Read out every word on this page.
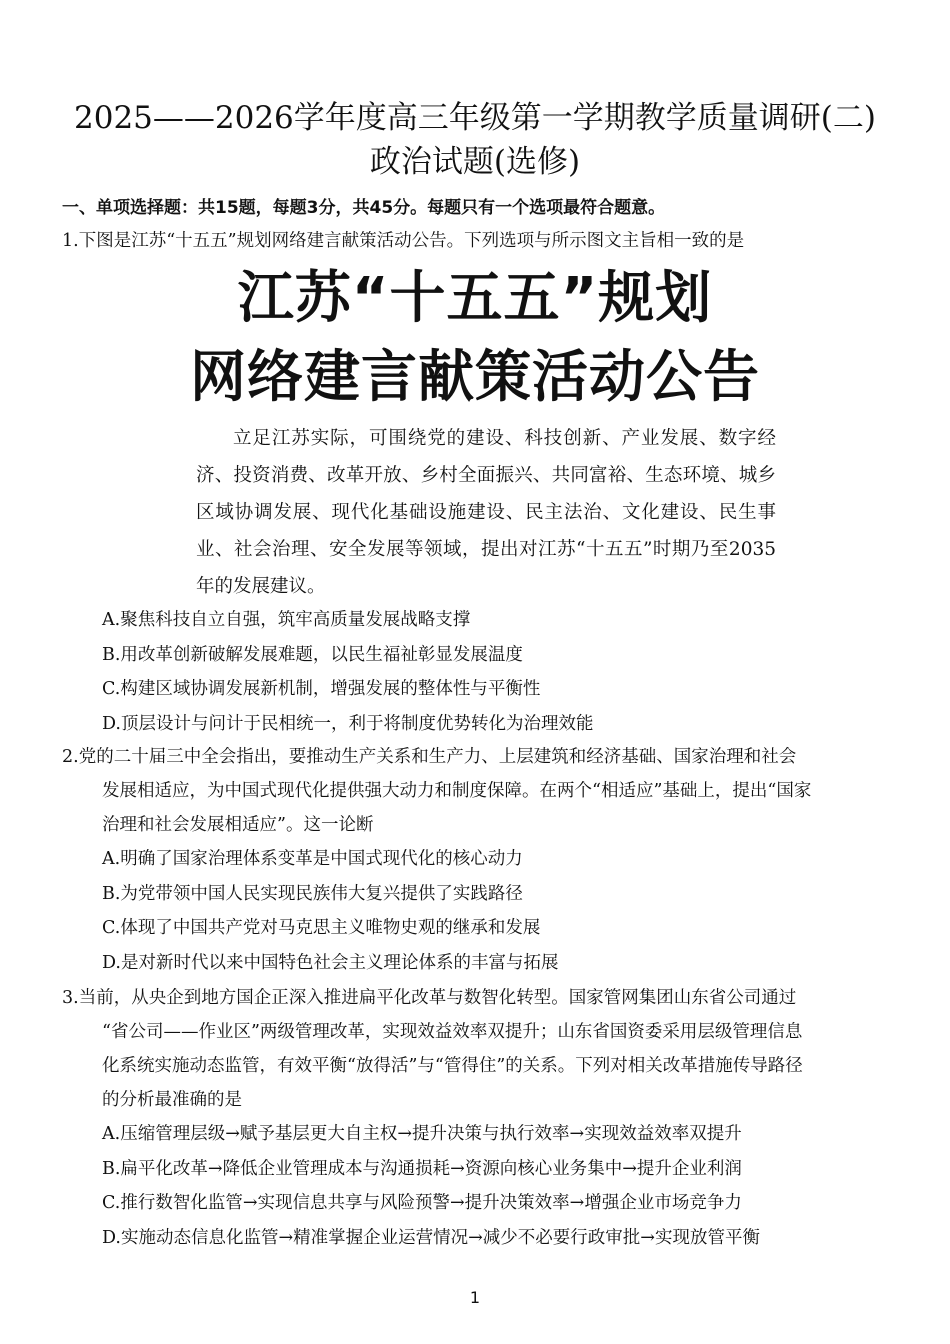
2025——2026学年度高三年级第一学期教学质量调研(二)
政治试题(选修)
一、单项选择题：共15题，每题3分，共45分。每题只有一个选项最符合题意。
1.下图是江苏“十五五”规划网络建言献策活动公告。下列选项与所示图文主旨相一致的是
江苏“十五五”规划
网络建言献策活动公告
立足江苏实际，可围绕党的建设、科技创新、产业发展、数字经济、投资消费、改革开放、乡村全面振兴、共同富裕、生态环境、城乡区域协调发展、现代化基础设施建设、民主法治、文化建设、民生事业、社会治理、安全发展等领域，提出对江苏“十五五”时期乃至2035年的发展建议。
A.聚焦科技自立自强，筑牢高质量发展战略支撑
B.用改革创新破解发展难题，以民生福祉彰显发展温度
C.构建区域协调发展新机制，增强发展的整体性与平衡性
D.顶层设计与问计于民相统一，利于将制度优势转化为治理效能
2.党的二十届三中全会指出，要推动生产关系和生产力、上层建筑和经济基础、国家治理和社会
发展相适应，为中国式现代化提供强大动力和制度保障。在两个“相适应”基础上，提出“国家
治理和社会发展相适应”。这一论断
A.明确了国家治理体系变革是中国式现代化的核心动力
B.为党带领中国人民实现民族伟大复兴提供了实践路径
C.体现了中国共产党对马克思主义唯物史观的继承和发展
D.是对新时代以来中国特色社会主义理论体系的丰富与拓展
3.当前，从央企到地方国企正深入推进扁平化改革与数智化转型。国家管网集团山东省公司通过
“省公司——作业区”两级管理改革，实现效益效率双提升；山东省国资委采用层级管理信息
化系统实施动态监管，有效平衡“放得活”与“管得住”的关系。下列对相关改革措施传导路径
的分析最准确的是
A.压缩管理层级→赋予基层更大自主权→提升决策与执行效率→实现效益效率双提升
B.扁平化改革→降低企业管理成本与沟通损耗→资源向核心业务集中→提升企业利润
C.推行数智化监管→实现信息共享与风险预警→提升决策效率→增强企业市场竞争力
D.实施动态信息化监管→精准掌握企业运营情况→减少不必要行政审批→实现放管平衡
1
